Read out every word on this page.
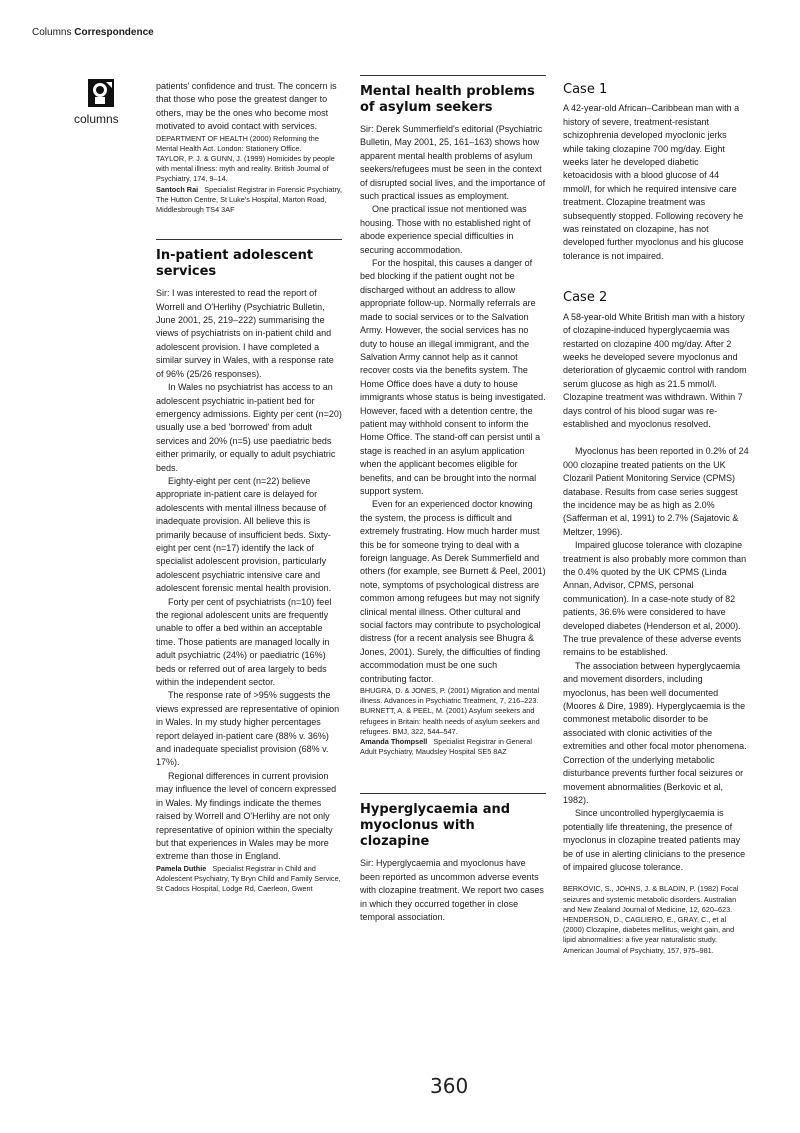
Columns Correspondence
columns

patients' confidence and trust. The concern is that those who pose the greatest danger to others, may be the ones who become most motivated to avoid contact with services.

DEPARTMENT OF HEALTH (2000) Reforming the Mental Health Act. London: Stationery Office.

TAYLOR, P. J. & GUNN, J. (1999) Homicides by people with mental illness: myth and reality. British Journal of Psychiatry, 174, 9–14.

Santoch Rai Specialist Registrar in Forensic Psychiatry, The Hutton Centre, St Luke's Hospital, Marton Road, Middlesbrough TS4 3AF

In-patient adolescent services

Sir: I was interested to read the report of Worrell and O'Herlihy (Psychiatric Bulletin, June 2001, 25, 219–222) summarising the views of psychiatrists on in-patient child and adolescent provision. I have completed a similar survey in Wales, with a response rate of 96% (25/26 responses).

In Wales no psychiatrist has access to an adolescent psychiatric in-patient bed for emergency admissions. Eighty per cent (n=20) usually use a bed 'borrowed' from adult services and 20% (n=5) use paediatric beds either primarily, or equally to adult psychiatric beds.

Eighty-eight per cent (n=22) believe appropriate in-patient care is delayed for adolescents with mental illness because of inadequate provision. All believe this is primarily because of insufficient beds. Sixty-eight per cent (n=17) identify the lack of specialist adolescent provision, particularly adolescent psychiatric intensive care and adolescent forensic mental health provision.

Forty per cent of psychiatrists (n=10) feel the regional adolescent units are frequently unable to offer a bed within an acceptable time. Those patients are managed locally in adult psychiatric (24%) or paediatric (16%) beds or referred out of area largely to beds within the independent sector.

The response rate of >95% suggests the views expressed are representative of opinion in Wales. In my study higher percentages report delayed in-patient care (88% v. 36%) and inadequate specialist provision (68% v. 17%).

Regional differences in current provision may influence the level of concern expressed in Wales. My findings indicate the themes raised by Worrell and O'Herlihy are not only representative of opinion within the specialty but that experiences in Wales may be more extreme than those in England.

Pamela Duthie Specialist Registrar in Child and Adolescent Psychiatry, Ty Bryn Child and Family Service, St Cadocs Hospital, Lodge Rd, Caerleon, Gwent

Mental health problems of asylum seekers

Sir: Derek Summerfield's editorial (Psychiatric Bulletin, May 2001, 25, 161–163) shows how apparent mental health problems of asylum seekers/refugees must be seen in the context of disrupted social lives, and the importance of such practical issues as employment.

One practical issue not mentioned was housing. Those with no established right of abode experience special difficulties in securing accommodation.

For the hospital, this causes a danger of bed blocking if the patient ought not be discharged without an address to allow appropriate follow-up. Normally referrals are made to social services or to the Salvation Army. However, the social services has no duty to house an illegal immigrant, and the Salvation Army cannot help as it cannot recover costs via the benefits system. The Home Office does have a duty to house immigrants whose status is being investigated. However, faced with a detention centre, the patient may withhold consent to inform the Home Office. The stand-off can persist until a stage is reached in an asylum application when the applicant becomes eligible for benefits, and can be brought into the normal support system.

Even for an experienced doctor knowing the system, the process is difficult and extremely frustrating. How much harder must this be for someone trying to deal with a foreign language. As Derek Summerfield and others (for example, see Burnett & Peel, 2001) note, symptoms of psychological distress are common among refugees but may not signify clinical mental illness. Other cultural and social factors may contribute to psychological distress (for a recent analysis see Bhugra & Jones, 2001). Surely, the difficulties of finding accommodation must be one such contributing factor.

BHUGRA, D. & JONES, P. (2001) Migration and mental illness. Advances in Psychiatric Treatment, 7, 216–223.

BURNETT, A. & PEEL, M. (2001) Asylum seekers and refugees in Britain: health needs of asylum seekers and refugees. BMJ, 322, 544–547.

Amanda Thompsell Specialist Registrar in General Adult Psychiatry, Maudsley Hospital SE5 8AZ

Hyperglycaemia and myoclonus with clozapine

Sir: Hyperglycaemia and myoclonus have been reported as uncommon adverse events with clozapine treatment. We report two cases in which they occurred together in close temporal association.

Case 1

A 42-year-old African–Caribbean man with a history of severe, treatment-resistant schizophrenia developed myoclonic jerks while taking clozapine 700 mg/day. Eight weeks later he developed diabetic ketoacidosis with a blood glucose of 44 mmol/l, for which he required intensive care treatment. Clozapine treatment was subsequently stopped. Following recovery he was reinstated on clozapine, has not developed further myoclonus and his glucose tolerance is not impaired.

Case 2

A 58-year-old White British man with a history of clozapine-induced hyperglycaemia was restarted on clozapine 400 mg/day. After 2 weeks he developed severe myoclonus and deterioration of glycaemic control with random serum glucose as high as 21.5 mmol/l. Clozapine treatment was withdrawn. Within 7 days control of his blood sugar was re-established and myoclonus resolved.

Myoclonus has been reported in 0.2% of 24 000 clozapine treated patients on the UK Clozaril Patient Monitoring Service (CPMS) database. Results from case series suggest the incidence may be as high as 2.0% (Safferman et al, 1991) to 2.7% (Sajatovic & Meltzer, 1996).

Impaired glucose tolerance with clozapine treatment is also probably more common than the 0.4% quoted by the UK CPMS (Linda Annan, Advisor, CPMS, personal communication). In a case-note study of 82 patients, 36.6% were considered to have developed diabetes (Henderson et al, 2000). The true prevalence of these adverse events remains to be established.

The association between hyperglycaemia and movement disorders, including myoclonus, has been well documented (Moores & Dire, 1989). Hyperglycaemia is the commonest metabolic disorder to be associated with clonic activities of the extremities and other focal motor phenomena. Correction of the underlying metabolic disturbance prevents further focal seizures or movement abnormalities (Berkovic et al, 1982).

Since uncontrolled hyperglycaemia is potentially life threatening, the presence of myoclonus in clozapine treated patients may be of use in alerting clinicians to the presence of impaired glucose tolerance.

BERKOVIC, S., JOHNS, J. & BLADIN, P. (1982) Focal seizures and systemic metabolic disorders. Australian and New Zealand Journal of Medicine, 12, 620–623.

HENDERSON, D., CAGLIERO, E., GRAY, C., et al (2000) Clozapine, diabetes mellitus, weight gain, and lipid abnormalities: a five year naturalistic study. American Journal of Psychiatry, 157, 975–981.

360
